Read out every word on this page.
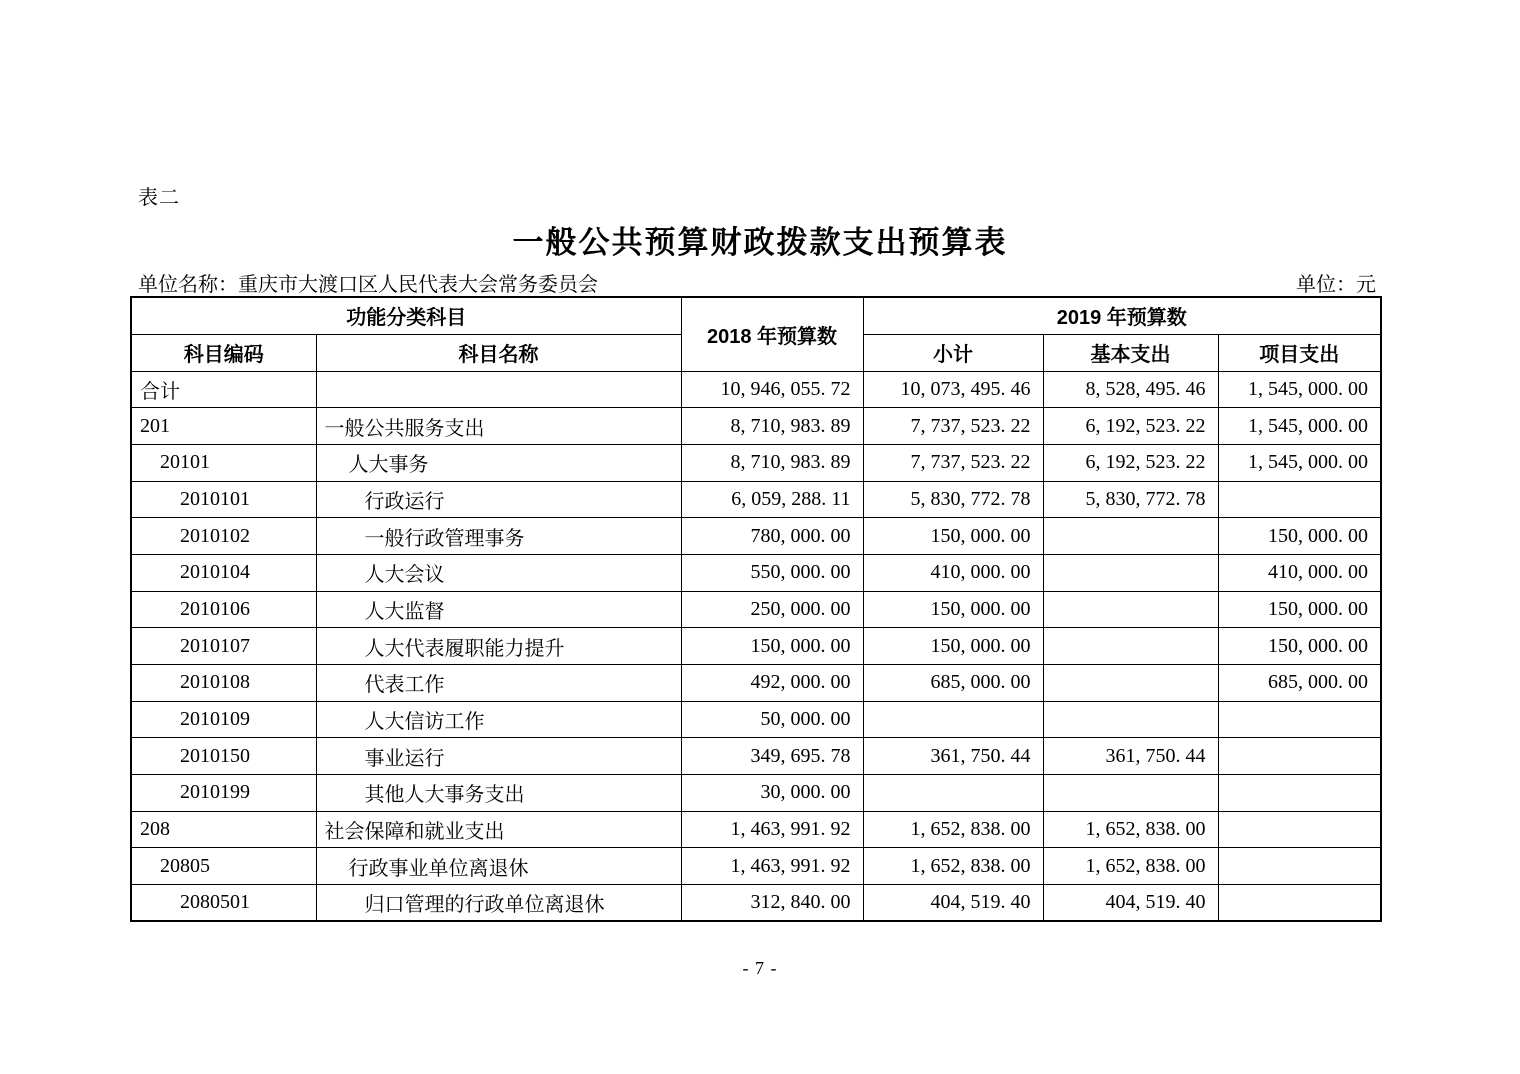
表二
一般公共预算财政拨款支出预算表
单位名称：重庆市大渡口区人民代表大会常务委员会	单位：元
功能分类科目		2018 年预算数	2019 年预算数		
科目编码	科目名称		小计	基本支出	项目支出
合计		10, 946, 055. 72	10, 073, 495. 46	8, 528, 495. 46	1, 545, 000. 00
201	一般公共服务支出	8, 710, 983. 89	7, 737, 523. 22	6, 192, 523. 22	1, 545, 000. 00
20101	人大事务	8, 710, 983. 89	7, 737, 523. 22	6, 192, 523. 22	1, 545, 000. 00
2010101	行政运行	6, 059, 288. 11	5, 830, 772. 78	5, 830, 772. 78	
2010102	一般行政管理事务	780, 000. 00	150, 000. 00		150, 000. 00
2010104	人大会议	550, 000. 00	410, 000. 00		410, 000. 00
2010106	人大监督	250, 000. 00	150, 000. 00		150, 000. 00
2010107	人大代表履职能力提升	150, 000. 00	150, 000. 00		150, 000. 00
2010108	代表工作	492, 000. 00	685, 000. 00		685, 000. 00
2010109	人大信访工作	50, 000. 00			
2010150	事业运行	349, 695. 78	361, 750. 44	361, 750. 44	
2010199	其他人大事务支出	30, 000. 00			
208	社会保障和就业支出	1, 463, 991. 92	1, 652, 838. 00	1, 652, 838. 00	
20805	行政事业单位离退休	1, 463, 991. 92	1, 652, 838. 00	1, 652, 838. 00	
2080501	归口管理的行政单位离退休	312, 840. 00	404, 519. 40	404, 519. 40	
- 7 -
